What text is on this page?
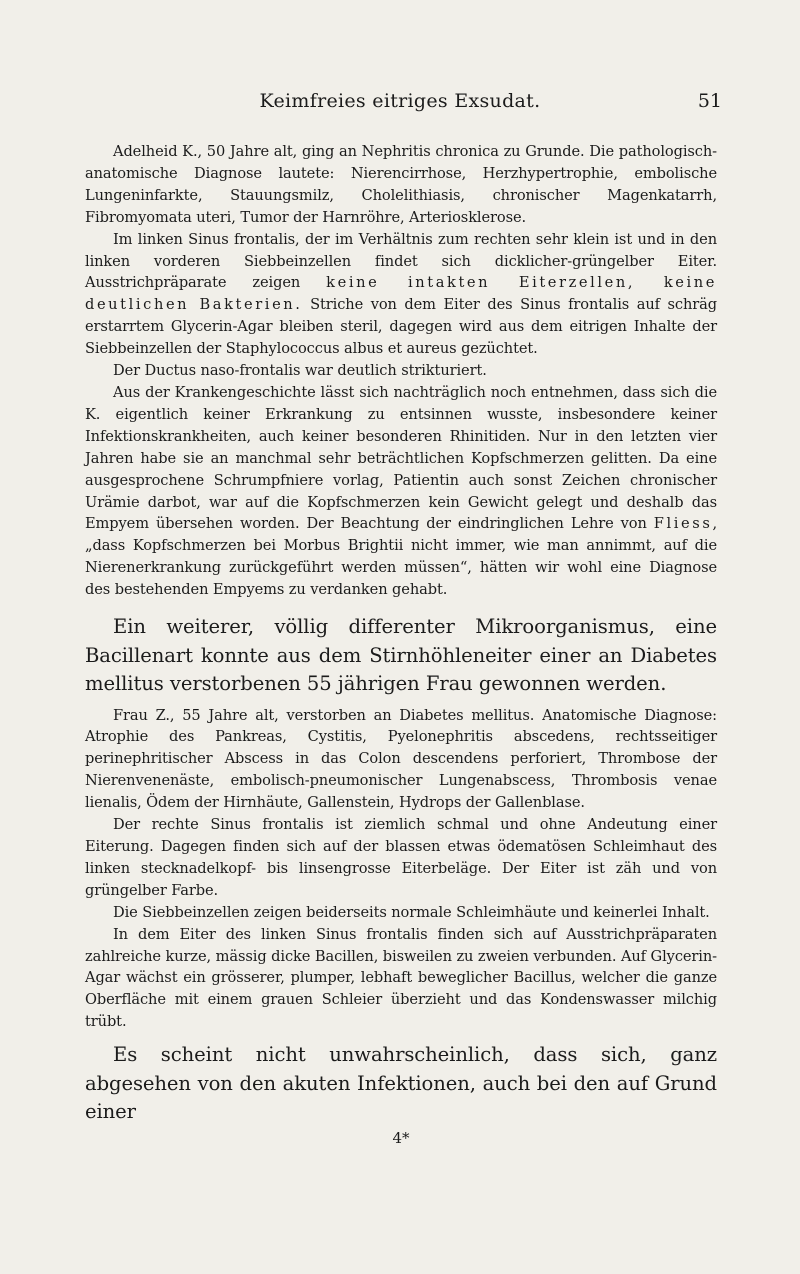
Keimfreies eitriges Exsudat.	51

Adelheid K., 50 Jahre alt, ging an Nephritis chronica zu Grunde. Die pathologisch-anatomische Diagnose lautete: Nierencirrhose, Herzhypertrophie, embolische Lungeninfarkte, Stauungsmilz, Cholelithiasis, chronischer Magenkatarrh, Fibromyomata uteri, Tumor der Harnröhre, Arteriosklerose.

Im linken Sinus frontalis, der im Verhältnis zum rechten sehr klein ist und in den linken vorderen Siebbeinzellen findet sich dicklicher-grüngelber Eiter. Ausstrichpräparate zeigen keine intakten Eiterzellen, keine deutlichen Bakterien. Striche von dem Eiter des Sinus frontalis auf schräg erstarrtem Glycerin-Agar bleiben steril, dagegen wird aus dem eitrigen Inhalte der Siebbeinzellen der Staphylococcus albus et aureus gezüchtet.

Der Ductus naso-frontalis war deutlich strikturiert.

Aus der Krankengeschichte lässt sich nachträglich noch entnehmen, dass sich die K. eigentlich keiner Erkrankung zu entsinnen wusste, insbesondere keiner Infektionskrankheiten, auch keiner besonderen Rhinitiden. Nur in den letzten vier Jahren habe sie an manchmal sehr beträchtlichen Kopfschmerzen gelitten. Da eine ausgesprochene Schrumpfniere vorlag, Patientin auch sonst Zeichen chronischer Urämie darbot, war auf die Kopfschmerzen kein Gewicht gelegt und deshalb das Empyem übersehen worden. Der Beachtung der eindringlichen Lehre von Fliess, „dass Kopfschmerzen bei Morbus Brightii nicht immer, wie man annimmt, auf die Nierenerkrankung zurückgeführt werden müssen“, hätten wir wohl eine Diagnose des bestehenden Empyems zu verdanken gehabt.

Ein weiterer, völlig differenter Mikroorganismus, eine Bacillenart konnte aus dem Stirnhöhleneiter einer an Diabetes mellitus verstorbenen 55 jährigen Frau gewonnen werden.

Frau Z., 55 Jahre alt, verstorben an Diabetes mellitus. Anatomische Diagnose: Atrophie des Pankreas, Cystitis, Pyelonephritis abscedens, rechtsseitiger perinephritischer Abscess in das Colon descendens perforiert, Thrombose der Nierenvenenäste, embolisch-pneumonischer Lungenabscess, Thrombosis venae lienalis, Ödem der Hirnhäute, Gallenstein, Hydrops der Gallenblase.

Der rechte Sinus frontalis ist ziemlich schmal und ohne Andeutung einer Eiterung. Dagegen finden sich auf der blassen etwas ödematösen Schleimhaut des linken stecknadelkopf- bis linsengrosse Eiterbeläge. Der Eiter ist zäh und von grüngelber Farbe.

Die Siebbeinzellen zeigen beiderseits normale Schleimhäute und keinerlei Inhalt.

In dem Eiter des linken Sinus frontalis finden sich auf Ausstrichpräparaten zahlreiche kurze, mässig dicke Bacillen, bisweilen zu zweien verbunden. Auf Glycerin-Agar wächst ein grösserer, plumper, lebhaft beweglicher Bacillus, welcher die ganze Oberfläche mit einem grauen Schleier überzieht und das Kondenswasser milchig trübt.

Es scheint nicht unwahrscheinlich, dass sich, ganz abgesehen von den akuten Infektionen, auch bei den auf Grund einer

4*
